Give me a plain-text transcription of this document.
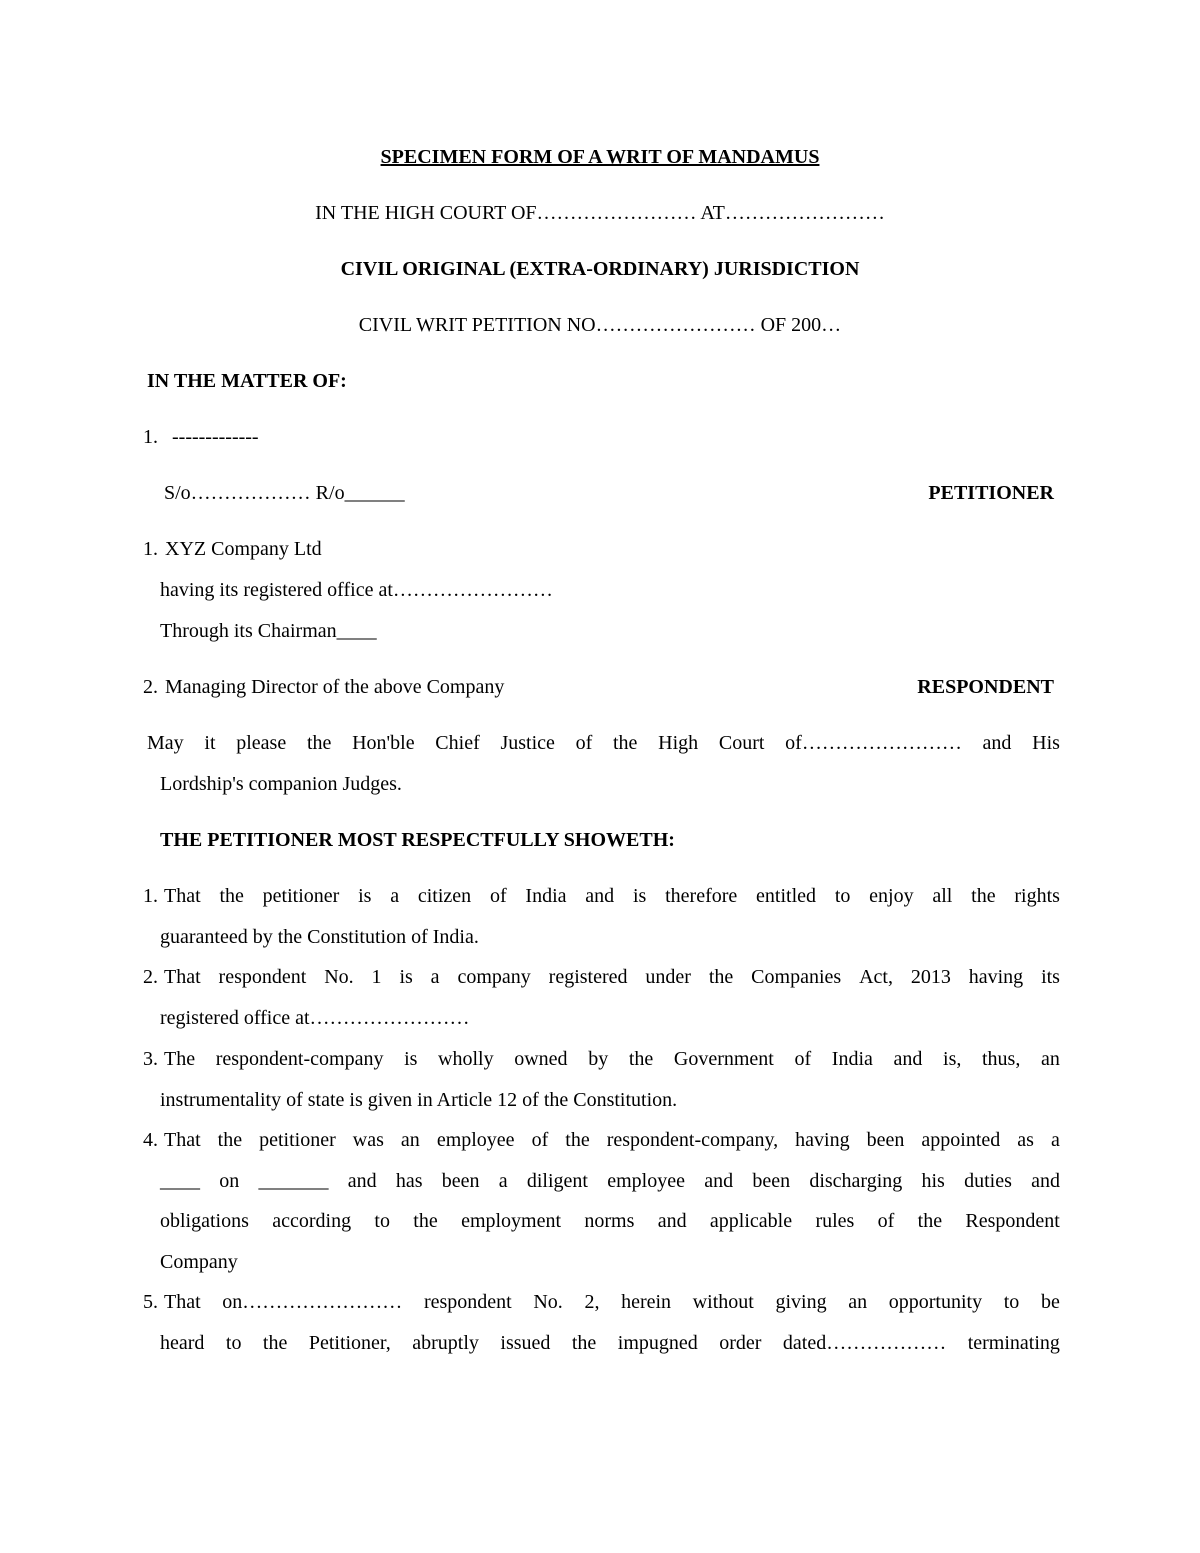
SPECIMEN FORM OF A WRIT OF MANDAMUS
IN THE HIGH COURT OF…………………… AT……………………
CIVIL ORIGINAL (EXTRA-ORDINARY) JURISDICTION
CIVIL WRIT PETITION NO…………………… OF 200…
IN THE MATTER OF:
1. -------------
S/o……………… R/o______	PETITIONER
1. XYZ Company Ltd
having its registered office at……………………
Through its Chairman____
2. Managing Director of the above Company	RESPONDENT
May it please the Hon'ble Chief Justice of the High Court of…………………… and His
Lordship's companion Judges.
THE PETITIONER MOST RESPECTFULLY SHOWETH:
1. That the petitioner is a citizen of India and is therefore entitled to enjoy all the rights
guaranteed by the Constitution of India.
2. That respondent No. 1 is a company registered under the Companies Act, 2013 having its
registered office at……………………
3. The respondent-company is wholly owned by the Government of India and is, thus, an
instrumentality of state is given in Article 12 of the Constitution.
4. That the petitioner was an employee of the respondent-company, having been appointed as a
____ on _______ and has been a diligent employee and been discharging his duties and
obligations according to the employment norms and applicable rules of the Respondent
Company
5. That on…………………… respondent No. 2, herein without giving an opportunity to be
heard to the Petitioner, abruptly issued the impugned order dated……………… terminating
